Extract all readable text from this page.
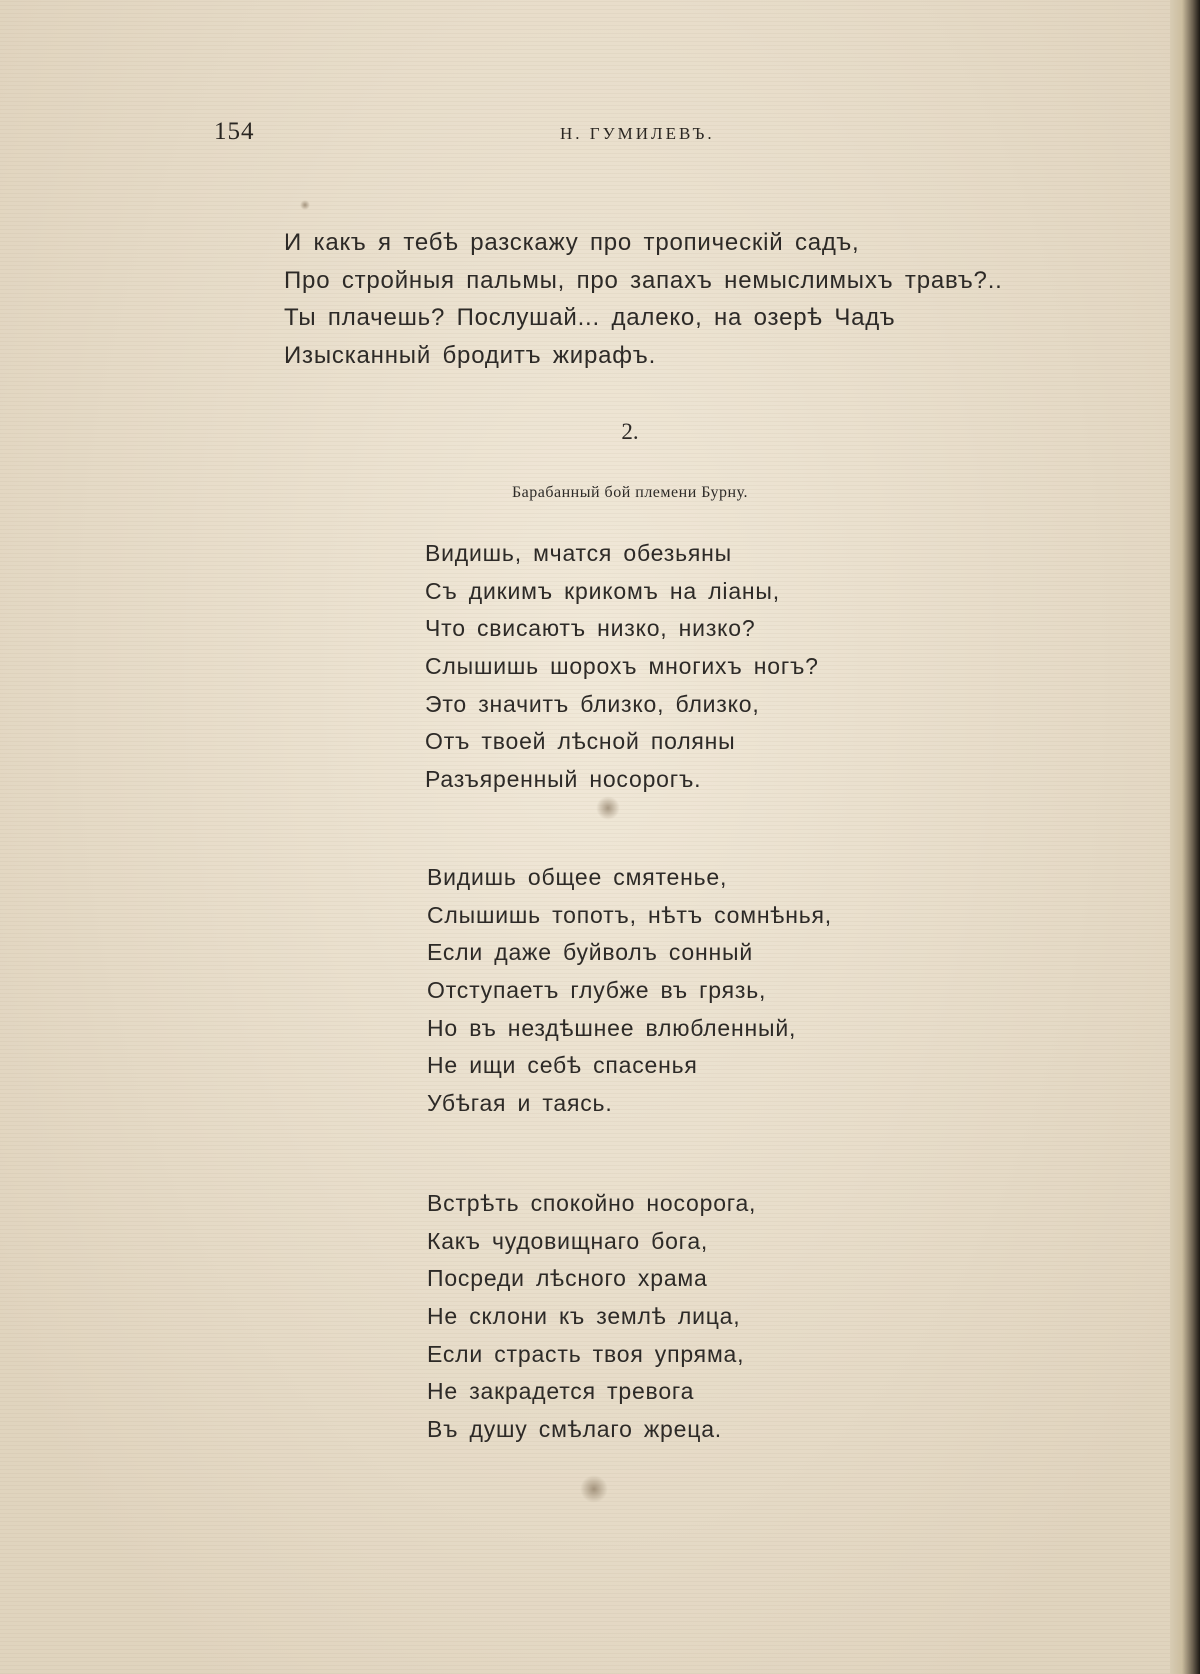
154	Н. ГУМИЛЕВЪ.
И какъ я тебѣ разскажу про тропическій садъ,
Про стройныя пальмы, про запахъ немыслимыхъ травъ?..
Ты плачешь? Послушай... далеко, на озерѣ Чадъ
Изысканный бродитъ жирафъ.
2.
Барабанный бой племени Бурну.
Видишь, мчатся обезьяны
Съ дикимъ крикомъ на ліаны,
Что свисаютъ низко, низко?
Слышишь шорохъ многихъ ногъ?
Это значитъ близко, близко,
Отъ твоей лѣсной поляны
Разъяренный носорогъ.
Видишь общее смятенье,
Слышишь топотъ, нѣтъ сомнѣнья,
Если даже буйволъ сонный
Отступаетъ глубже въ грязь,
Но въ нездѣшнее влюбленный,
Не ищи себѣ спасенья
Убѣгая и таясь.
Встрѣть спокойно носорога,
Какъ чудовищнаго бога,
Посреди лѣсного храма
Не склони къ землѣ лица,
Если страсть твоя упряма,
Не закрадется тревога
Въ душу смѣлаго жреца.
